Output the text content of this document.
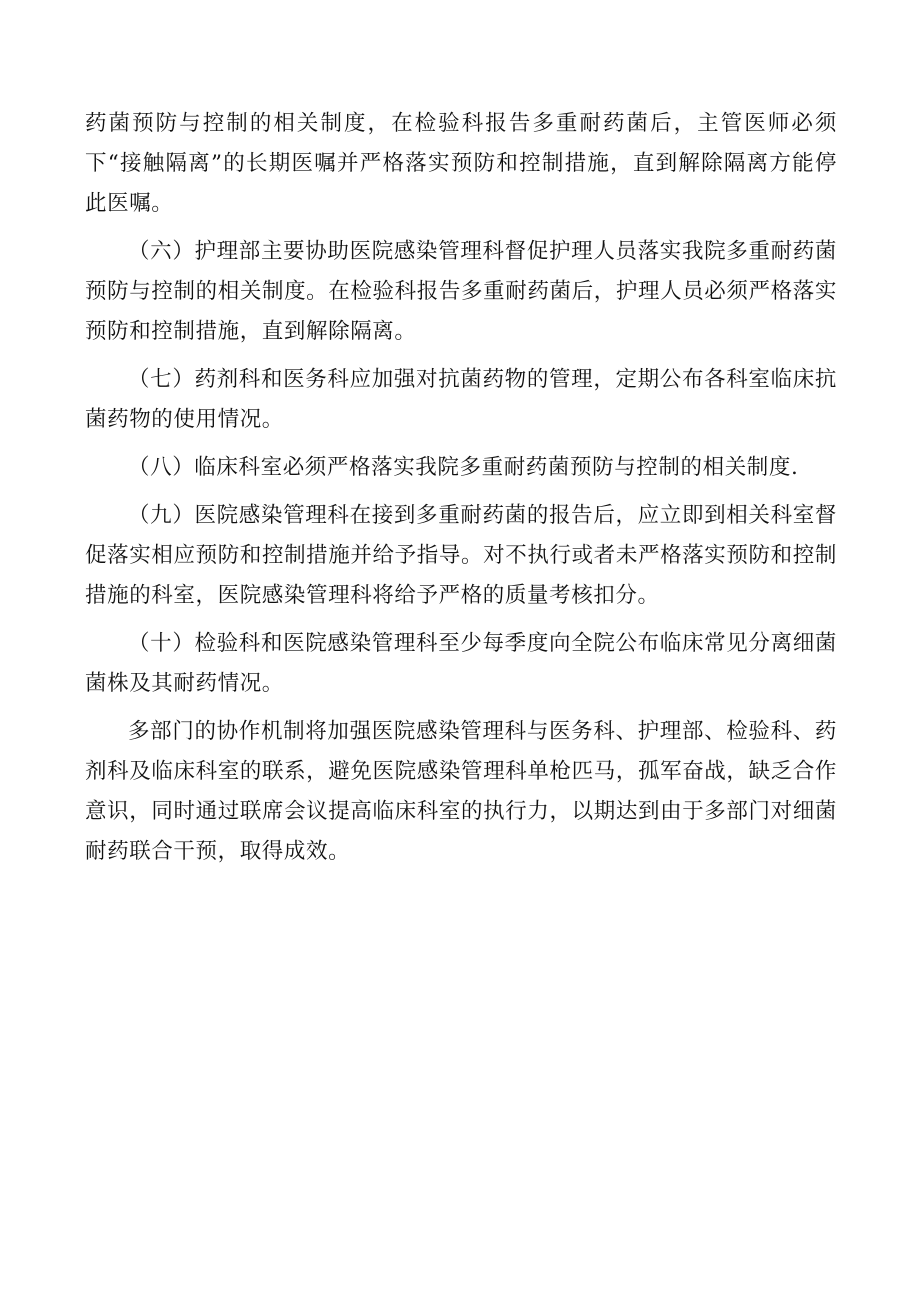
药菌预防与控制的相关制度，在检验科报告多重耐药菌后，主管医师必须下“接触隔离”的长期医嘱并严格落实预防和控制措施，直到解除隔离方能停此医嘱。

（六）护理部主要协助医院感染管理科督促护理人员落实我院多重耐药菌预防与控制的相关制度。在检验科报告多重耐药菌后，护理人员必须严格落实预防和控制措施，直到解除隔离。

（七）药剂科和医务科应加强对抗菌药物的管理，定期公布各科室临床抗菌药物的使用情况。

（八）临床科室必须严格落实我院多重耐药菌预防与控制的相关制度.

（九）医院感染管理科在接到多重耐药菌的报告后，应立即到相关科室督促落实相应预防和控制措施并给予指导。对不执行或者未严格落实预防和控制措施的科室，医院感染管理科将给予严格的质量考核扣分。

（十）检验科和医院感染管理科至少每季度向全院公布临床常见分离细菌菌株及其耐药情况。

多部门的协作机制将加强医院感染管理科与医务科、护理部、检验科、药剂科及临床科室的联系，避免医院感染管理科单枪匹马，孤军奋战，缺乏合作意识，同时通过联席会议提高临床科室的执行力，以期达到由于多部门对细菌耐药联合干预，取得成效。
